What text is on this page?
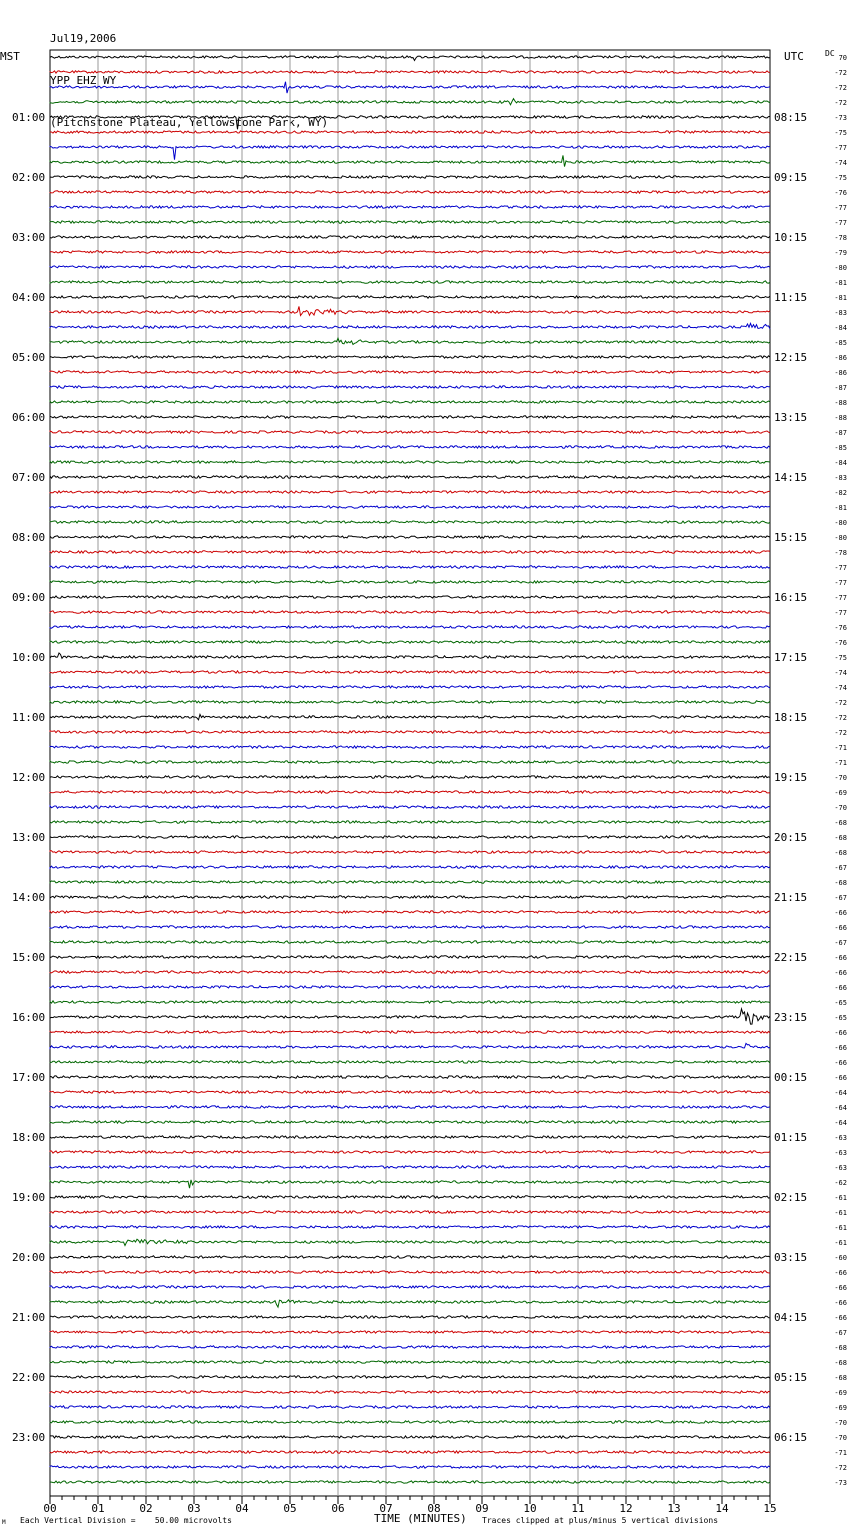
Jul19,2006

YPP EHZ WY

(Pitchstone Plateau, Yellowstone Park, WY)

MST	UTC	DC
00	01	02	03	04	05	06	07	08	09	10	11	12	13	14	15
01:00
02:00
03:00
04:00
05:00
06:00
07:00
08:00
09:00
10:00
11:00
12:00
13:00
14:00
15:00
16:00
17:00
18:00
19:00
20:00
21:00
22:00
23:00
08:15
09:15
10:15
11:15
12:15
13:15
14:15
15:15
16:15
17:15
18:15
19:15
20:15
21:15
22:15
23:15
00:15
01:15
02:15
03:15
04:15
05:15
06:15
70
-72
-72
-72
-73
-75
-77
-74
-75
-76
-77
-77
-78
-79
-80
-81
-81
-83
-84
-85
-86
-86
-87
-88
-88
-87
-85
-84
-83
-82
-81
-80
-80
-78
-77
-77
-77
-77
-76
-76
-75
-74
-74
-72
-72
-72
-71
-71
-70
-69
-70
-68
-68
-68
-67
-68
-67
-66
-66
-67
-66
-66
-66
-65
-65
-66
-66
-66
-66
-64
-64
-64
-63
-63
-63
-62
-61
-61
-61
-61
-60
-66
-66
-66
-66
-67
-68
-68
-68
-69
-69
-70
-70
-71
-72
-73
M Each Vertical Division =    50.00 microvolts	TIME (MINUTES) Traces clipped at plus/minus 5 vertical divisions
